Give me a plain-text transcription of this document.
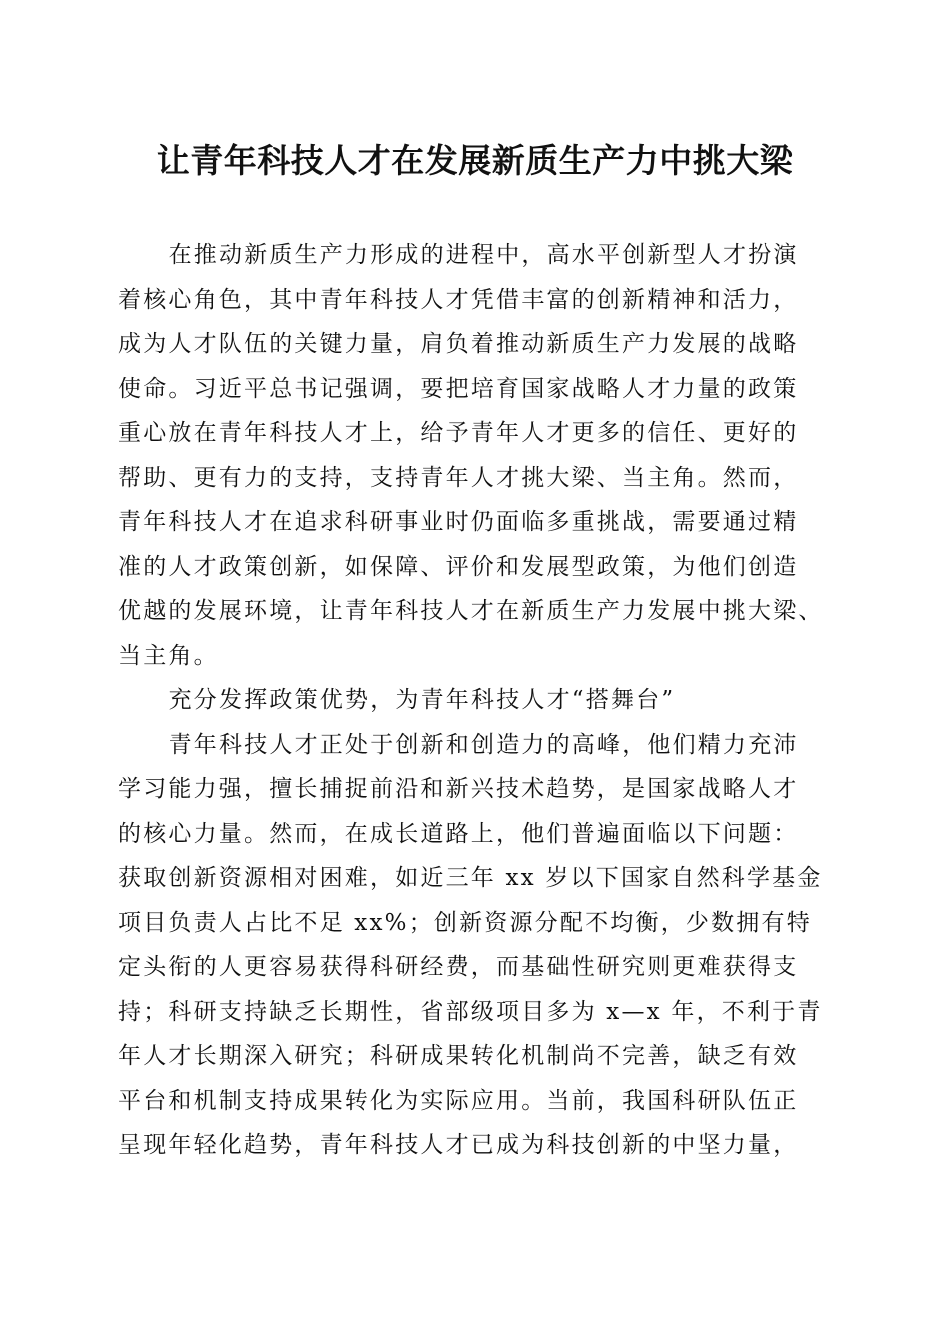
让青年科技人才在发展新质生产力中挑大梁

在推动新质生产力形成的进程中，高水平创新型人才扮演
着核心角色，其中青年科技人才凭借丰富的创新精神和活力，
成为人才队伍的关键力量，肩负着推动新质生产力发展的战略
使命。习近平总书记强调，要把培育国家战略人才力量的政策
重心放在青年科技人才上，给予青年人才更多的信任、更好的
帮助、更有力的支持，支持青年人才挑大梁、当主角。然而，
青年科技人才在追求科研事业时仍面临多重挑战，需要通过精
准的人才政策创新，如保障、评价和发展型政策，为他们创造
优越的发展环境，让青年科技人才在新质生产力发展中挑大梁、
当主角。

充分发挥政策优势，为青年科技人才“搭舞台”

青年科技人才正处于创新和创造力的高峰，他们精力充沛
学习能力强，擅长捕捉前沿和新兴技术趋势，是国家战略人才
的核心力量。然而，在成长道路上，他们普遍面临以下问题：
获取创新资源相对困难，如近三年 xx 岁以下国家自然科学基金
项目负责人占比不足 xx%；创新资源分配不均衡，少数拥有特
定头衔的人更容易获得科研经费，而基础性研究则更难获得支
持；科研支持缺乏长期性，省部级项目多为 x—x 年，不利于青
年人才长期深入研究；科研成果转化机制尚不完善，缺乏有效
平台和机制支持成果转化为实际应用。当前，我国科研队伍正
呈现年轻化趋势，青年科技人才已成为科技创新的中坚力量，
